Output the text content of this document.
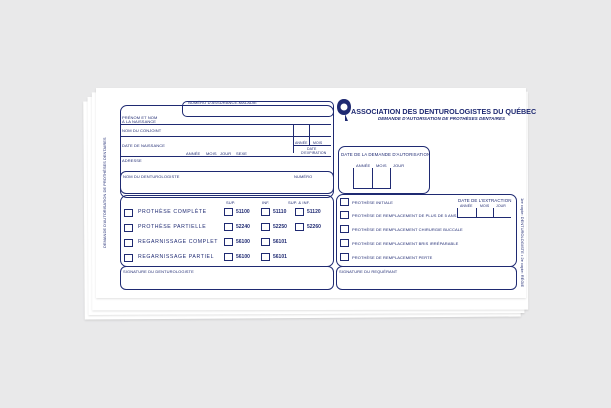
DEMANDE D'AUTORISATION DE PROTHÈSES DENTAIRES	1re copie: DENTUROLOGISTE • 2e copie: RÉGIE
ASSOCIATION DES DENTUROLOGISTES DU QUÉBEC
DEMANDE D'AUTORISATION DE PROTHÈSES DENTAIRES
NUMÉRO D'ASSURANCE-MALADIE
PRÉNOM ET NOM
À LA NAISSANCE
NOM DU CONJOINT
ANNÉE MOIS
DATE
D'EXPIRATION
DATE DE NAISSANCE
ANNÉE MOIS JOUR SEXE
ADRESSE
DATE DE LA DEMANDE D'AUTORISATION
ANNÉE MOIS JOUR
NOM DU DENTUROLOGISTE	NUMÉRO
SUP.	INF.	SUP. & INF.
PROTHÈSE COMPLÈTE	51100	51110	51120
PROTHÈSE PARTIELLE	52240	52250	52260
REGARNISSAGE COMPLET	56100	56101
REGARNISSAGE PARTIEL	56100	56101
DATE DE L'EXTRACTION
ANNÉE MOIS JOUR
PROTHÈSE INITIALE
PROTHÈSE DE REMPLACEMENT DE PLUS DE 5 ANS
PROTHÈSE DE REMPLACEMENT CHIRURGIE BUCCALE
PROTHÈSE DE REMPLACEMENT BRIS IRRÉPARABLE
PROTHÈSE DE REMPLACEMENT PERTE
SIGNATURE DU DENTUROLOGISTE	SIGNATURE DU REQUÉRANT
